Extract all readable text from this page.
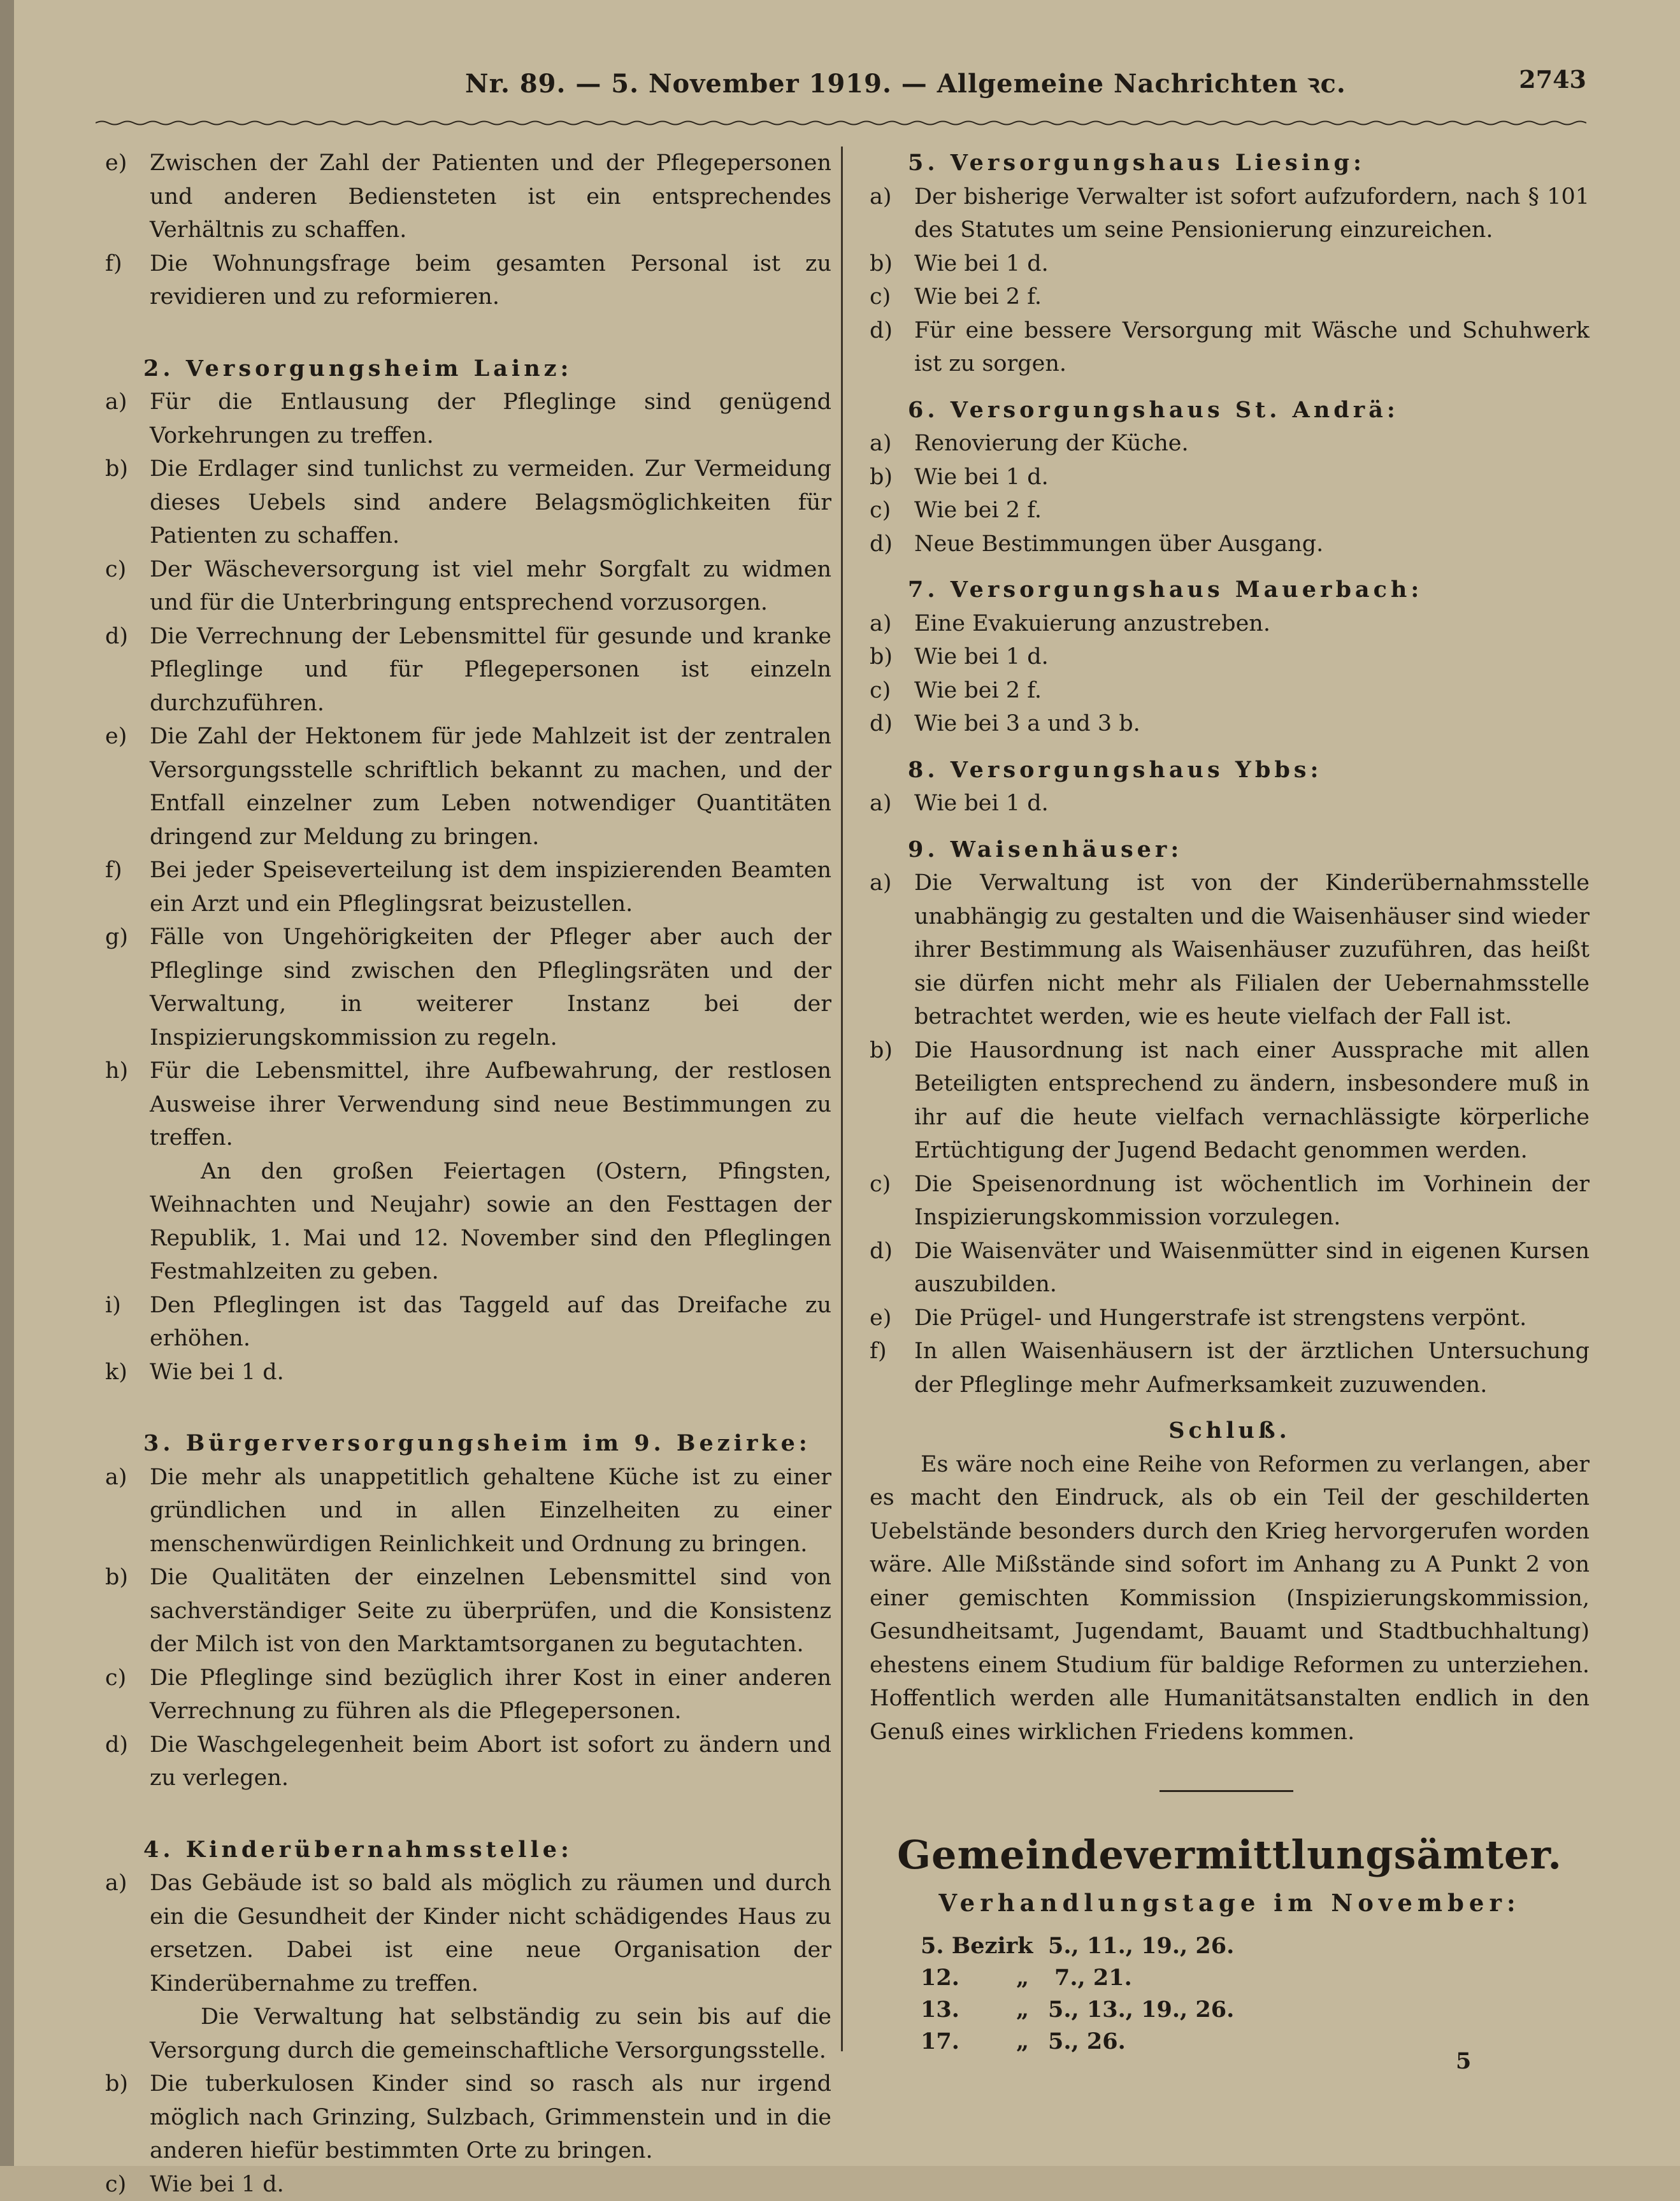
Nr. 89. — 5. November 1919. — Allgemeine Nachrichten ꝛc.	2743
e) Zwischen der Zahl der Patienten und der Pflegepersonen und anderen Bediensteten ist ein entsprechendes Verhältnis zu schaffen.
f) Die Wohnungsfrage beim gesamten Personal ist zu revidieren und zu reformieren.
2. Versorgungsheim Lainz:
a) Für die Entlausung der Pfleglinge sind genügend Vorkehrungen zu treffen.
b) Die Erdlager sind tunlichst zu vermeiden. Zur Vermeidung dieses Uebels sind andere Belagsmöglichkeiten für Patienten zu schaffen.
c) Der Wäscheversorgung ist viel mehr Sorgfalt zu widmen und für die Unterbringung entsprechend vorzusorgen.
d) Die Verrechnung der Lebensmittel für gesunde und kranke Pfleglinge und für Pflegepersonen ist einzeln durchzuführen.
e) Die Zahl der Hektonem für jede Mahlzeit ist der zentralen Versorgungsstelle schriftlich bekannt zu machen, und der Entfall einzelner zum Leben notwendiger Quantitäten dringend zur Meldung zu bringen.
f) Bei jeder Speiseverteilung ist dem inspizierenden Beamten ein Arzt und ein Pfleglingsrat beizustellen.
g) Fälle von Ungehörigkeiten der Pfleger aber auch der Pfleglinge sind zwischen den Pfleglingsräten und der Verwaltung, in weiterer Instanz bei der Inspizierungskommission zu regeln.
h) Für die Lebensmittel, ihre Aufbewahrung, der restlosen Ausweise ihrer Verwendung sind neue Bestimmungen zu treffen.
An den großen Feiertagen (Ostern, Pfingsten, Weihnachten und Neujahr) sowie an den Festtagen der Republik, 1. Mai und 12. November sind den Pfleglingen Festmahlzeiten zu geben.
i) Den Pfleglingen ist das Taggeld auf das Dreifache zu erhöhen.
k) Wie bei 1 d.
3. Bürgerversorgungsheim im 9. Bezirke:
a) Die mehr als unappetitlich gehaltene Küche ist zu einer gründlichen und in allen Einzelheiten zu einer menschenwürdigen Reinlichkeit und Ordnung zu bringen.
b) Die Qualitäten der einzelnen Lebensmittel sind von sachverständiger Seite zu überprüfen, und die Konsistenz der Milch ist von den Marktamtsorganen zu begutachten.
c) Die Pfleglinge sind bezüglich ihrer Kost in einer anderen Verrechnung zu führen als die Pflegepersonen.
d) Die Waschgelegenheit beim Abort ist sofort zu ändern und zu verlegen.
4. Kinderübernahmsstelle:
a) Das Gebäude ist so bald als möglich zu räumen und durch ein die Gesundheit der Kinder nicht schädigendes Haus zu ersetzen. Dabei ist eine neue Organisation der Kinderübernahme zu treffen.
Die Verwaltung hat selbständig zu sein bis auf die Versorgung durch die gemeinschaftliche Versorgungsstelle.
b) Die tuberkulosen Kinder sind so rasch als nur irgend möglich nach Grinzing, Sulzbach, Grimmenstein und in die anderen hiefür bestimmten Orte zu bringen.
c) Wie bei 1 d.
5. Versorgungshaus Liesing:
a) Der bisherige Verwalter ist sofort aufzufordern, nach § 101 des Statutes um seine Pensionierung einzureichen.
b) Wie bei 1 d.
c) Wie bei 2 f.
d) Für eine bessere Versorgung mit Wäsche und Schuhwerk ist zu sorgen.
6. Versorgungshaus St. Andrä:
a) Renovierung der Küche.
b) Wie bei 1 d.
c) Wie bei 2 f.
d) Neue Bestimmungen über Ausgang.
7. Versorgungshaus Mauerbach:
a) Eine Evakuierung anzustreben.
b) Wie bei 1 d.
c) Wie bei 2 f.
d) Wie bei 3 a und 3 b.
8. Versorgungshaus Ybbs:
a) Wie bei 1 d.
9. Waisenhäuser:
a) Die Verwaltung ist von der Kinderübernahmsstelle unabhängig zu gestalten und die Waisenhäuser sind wieder ihrer Bestimmung als Waisenhäuser zuzuführen, das heißt sie dürfen nicht mehr als Filialen der Uebernahmsstelle betrachtet werden, wie es heute vielfach der Fall ist.
b) Die Hausordnung ist nach einer Aussprache mit allen Beteiligten entsprechend zu ändern, insbesondere muß in ihr auf die heute vielfach vernachlässigte körperliche Ertüchtigung der Jugend Bedacht genommen werden.
c) Die Speisenordnung ist wöchentlich im Vorhinein der Inspizierungskommission vorzulegen.
d) Die Waisenväter und Waisenmütter sind in eigenen Kursen auszubilden.
e) Die Prügel- und Hungerstrafe ist strengstens verpönt.
f) In allen Waisenhäusern ist der ärztlichen Untersuchung der Pfleglinge mehr Aufmerksamkeit zuzuwenden.
Schluß.
Es wäre noch eine Reihe von Reformen zu verlangen, aber es macht den Eindruck, als ob ein Teil der geschilderten Uebelstände besonders durch den Krieg hervorgerufen worden wäre. Alle Mißstände sind sofort im Anhang zu A Punkt 2 von einer gemischten Kommission (Inspizierungskommission, Gesundheitsamt, Jugendamt, Bauamt und Stadtbuchhaltung) ehestens einem Studium für baldige Reformen zu unterziehen. Hoffentlich werden alle Humanitätsanstalten endlich in den Genuß eines wirklichen Friedens kommen.
Gemeindevermittlungsämter.
Verhandlungstage im November:
5. Bezirk 5., 11., 19., 26.
12.	„ 7., 21.
13.	„ 5., 13., 19., 26.
17.	„ 5., 26.
5
